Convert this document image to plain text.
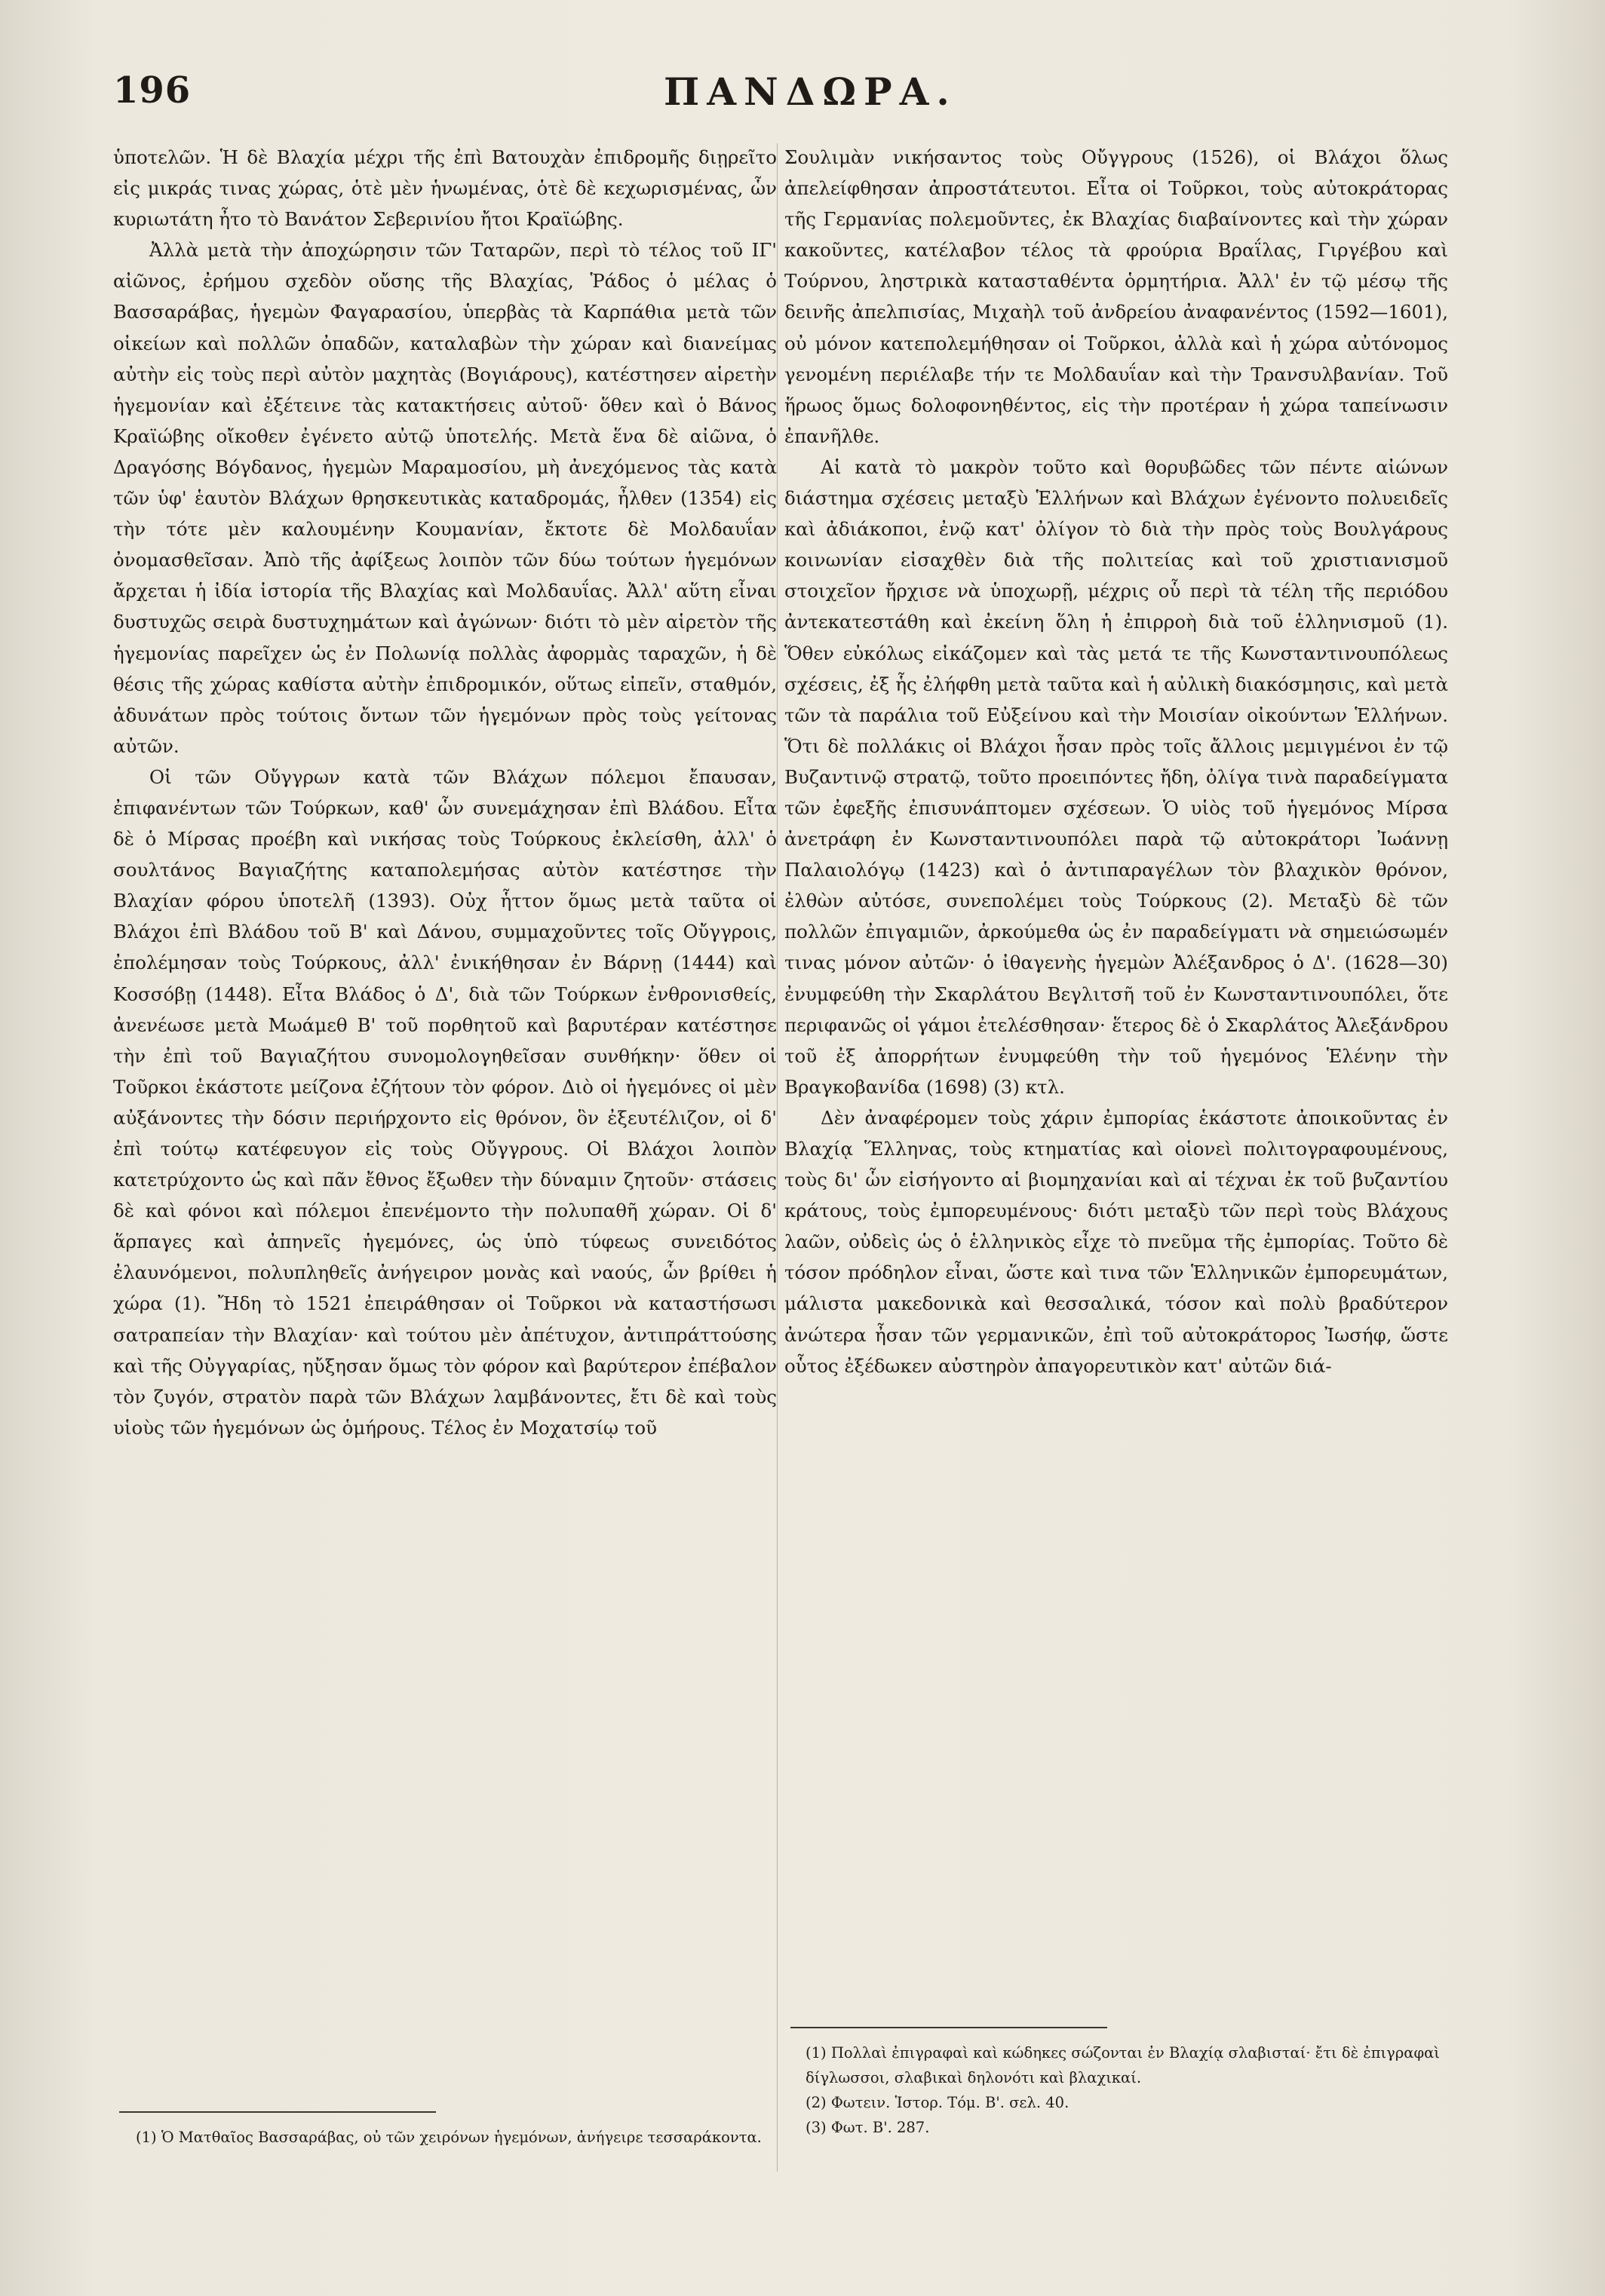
196	ΠΑΝΔΩΡΑ.

ὑποτελῶν. Ἡ δὲ Βλαχία μέχρι τῆς ἐπὶ Βατουχὰν ἐπιδρομῆς διῃρεῖτο εἰς μικράς τινας χώρας, ὁτὲ μὲν ἡνωμένας, ὁτὲ δὲ κεχωρισμένας, ὧν κυριωτάτη ἦτο τὸ Βανάτον Σεβερινίου ἤτοι Κραϊώβης.

Ἀλλὰ μετὰ τὴν ἀποχώρησιν τῶν Ταταρῶν, περὶ τὸ τέλος τοῦ ΙΓ' αἰῶνος, ἐρήμου σχεδὸν οὔσης τῆς Βλαχίας, Ῥάδος ὁ μέλας ὁ Βασσαράβας, ἡγεμὼν Φαγαρασίου, ὑπερβὰς τὰ Καρπάθια μετὰ τῶν οἰκείων καὶ πολλῶν ὀπαδῶν, καταλαβὼν τὴν χώραν καὶ διανείμας αὐτὴν εἰς τοὺς περὶ αὐτὸν μαχητὰς (Βογιάρους), κατέστησεν αἱρετὴν ἡγεμονίαν καὶ ἐξέτεινε τὰς κατακτήσεις αὐτοῦ· ὅθεν καὶ ὁ Βάνος Κραϊώβης οἴκοθεν ἐγένετο αὐτῷ ὑποτελής. Μετὰ ἕνα δὲ αἰῶνα, ὁ Δραγόσης Βόγδανος, ἡγεμὼν Μαραμοσίου, μὴ ἀνεχόμενος τὰς κατὰ τῶν ὑφ' ἑαυτὸν Βλάχων θρησκευτικὰς καταδρομάς, ἦλθεν (1354) εἰς τὴν τότε μὲν καλουμένην Κουμανίαν, ἔκτοτε δὲ Μολδαυΐαν ὀνομασθεῖσαν. Ἀπὸ τῆς ἀφίξεως λοιπὸν τῶν δύω τούτων ἡγεμόνων ἄρχεται ἡ ἰδία ἱστορία τῆς Βλαχίας καὶ Μολδαυΐας. Ἀλλ' αὕτη εἶναι δυστυχῶς σειρὰ δυστυχημάτων καὶ ἀγώνων· διότι τὸ μὲν αἱρετὸν τῆς ἡγεμονίας παρεῖχεν ὡς ἐν Πολωνίᾳ πολλὰς ἀφορμὰς ταραχῶν, ἡ δὲ θέσις τῆς χώρας καθίστα αὐτὴν ἐπιδρομικόν, οὕτως εἰπεῖν, σταθμόν, ἀδυνάτων πρὸς τούτοις ὄντων τῶν ἡγεμόνων πρὸς τοὺς γείτονας αὐτῶν.

Οἱ τῶν Οὔγγρων κατὰ τῶν Βλάχων πόλεμοι ἔπαυσαν, ἐπιφανέντων τῶν Τούρκων, καθ' ὧν συνεμάχησαν ἐπὶ Βλάδου. Εἶτα δὲ ὁ Μίρσας προέβη καὶ νικήσας τοὺς Τούρκους ἐκλείσθη, ἀλλ' ὁ σουλτάνος Βαγιαζήτης καταπολεμήσας αὐτὸν κατέστησε τὴν Βλαχίαν φόρου ὑποτελῆ (1393). Οὐχ ἧττον ὅμως μετὰ ταῦτα οἱ Βλάχοι ἐπὶ Βλάδου τοῦ Β' καὶ Δάνου, συμμαχοῦντες τοῖς Οὔγγροις, ἐπολέμησαν τοὺς Τούρκους, ἀλλ' ἐνικήθησαν ἐν Βάρνῃ (1444) καὶ Κοσσόβῃ (1448). Εἶτα Βλάδος ὁ Δ', διὰ τῶν Τούρκων ἐνθρονισθείς, ἀνενέωσε μετὰ Μωάμεθ Β' τοῦ πορθητοῦ καὶ βαρυτέραν κατέστησε τὴν ἐπὶ τοῦ Βαγιαζήτου συνομολογηθεῖσαν συνθήκην· ὅθεν οἱ Τοῦρκοι ἑκάστοτε μείζονα ἐζήτουν τὸν φόρον. Διὸ οἱ ἡγεμόνες οἱ μὲν αὐξάνοντες τὴν δόσιν περιήρχοντο εἰς θρόνον, ὃν ἐξευτέλιζον, οἱ δ' ἐπὶ τούτῳ κατέφευγον εἰς τοὺς Οὔγγρους. Οἱ Βλάχοι λοιπὸν κατετρύχοντο ὡς καὶ πᾶν ἔθνος ἔξωθεν τὴν δύναμιν ζητοῦν· στάσεις δὲ καὶ φόνοι καὶ πόλεμοι ἐπενέμοντο τὴν πολυπαθῆ χώραν. Οἱ δ' ἅρπαγες καὶ ἀπηνεῖς ἡγεμόνες, ὡς ὑπὸ τύφεως συνειδότος ἐλαυνόμενοι, πολυπληθεῖς ἀνήγειρον μονὰς καὶ ναούς, ὧν βρίθει ἡ χώρα (1). Ἤδη τὸ 1521 ἐπειράθησαν οἱ Τοῦρκοι νὰ καταστήσωσι σατραπείαν τὴν Βλαχίαν· καὶ τούτου μὲν ἀπέτυχον, ἀντιπράττούσης καὶ τῆς Οὐγγαρίας, ηὔξησαν ὅμως τὸν φόρον καὶ βαρύτερον ἐπέβαλον τὸν ζυγόν, στρατὸν παρὰ τῶν Βλάχων λαμβάνοντες, ἔτι δὲ καὶ τοὺς υἱοὺς τῶν ἡγεμόνων ὡς ὁμήρους. Τέλος ἐν Μοχατσίῳ τοῦ

Σουλιμὰν νικήσαντος τοὺς Οὔγγρους (1526), οἱ Βλάχοι ὅλως ἀπελείφθησαν ἀπροστάτευτοι. Εἶτα οἱ Τοῦρκοι, τοὺς αὐτοκράτορας τῆς Γερμανίας πολεμοῦντες, ἐκ Βλαχίας διαβαίνοντες καὶ τὴν χώραν κακοῦντες, κατέλαβον τέλος τὰ φρούρια Βραΐλας, Γιργέβου καὶ Τούρνου, ληστρικὰ κατασταθέντα ὁρμητήρια. Ἀλλ' ἐν τῷ μέσῳ τῆς δεινῆς ἀπελπισίας, Μιχαὴλ τοῦ ἀνδρείου ἀναφανέντος (1592—1601), οὐ μόνον κατεπολεμήθησαν οἱ Τοῦρκοι, ἀλλὰ καὶ ἡ χώρα αὐτόνομος γενομένη περιέλαβε τήν τε Μολδαυΐαν καὶ τὴν Τρανσυλβανίαν. Τοῦ ἥρωος ὅμως δολοφονηθέντος, εἰς τὴν προτέραν ἡ χώρα ταπείνωσιν ἐπανῆλθε.

Αἱ κατὰ τὸ μακρὸν τοῦτο καὶ θορυβῶδες τῶν πέντε αἰώνων διάστημα σχέσεις μεταξὺ Ἑλλήνων καὶ Βλάχων ἐγένοντο πολυειδεῖς καὶ ἀδιάκοποι, ἐνῷ κατ' ὀλίγον τὸ διὰ τὴν πρὸς τοὺς Βουλγάρους κοινωνίαν εἰσαχθὲν διὰ τῆς πολιτείας καὶ τοῦ χριστιανισμοῦ στοιχεῖον ἤρχισε νὰ ὑποχωρῇ, μέχρις οὗ περὶ τὰ τέλη τῆς περιόδου ἀντεκατεστάθη καὶ ἐκείνη ὅλη ἡ ἐπιρροὴ διὰ τοῦ ἑλληνισμοῦ (1). Ὅθεν εὐκόλως εἰκάζομεν καὶ τὰς μετά τε τῆς Κωνσταντινουπόλεως σχέσεις, ἐξ ἧς ἐλήφθη μετὰ ταῦτα καὶ ἡ αὐλικὴ διακόσμησις, καὶ μετὰ τῶν τὰ παράλια τοῦ Εὐξείνου καὶ τὴν Μοισίαν οἰκούντων Ἑλλήνων. Ὅτι δὲ πολλάκις οἱ Βλάχοι ἦσαν πρὸς τοῖς ἄλλοις μεμιγμένοι ἐν τῷ Βυζαντινῷ στρατῷ, τοῦτο προειπόντες ἤδη, ὀλίγα τινὰ παραδείγματα τῶν ἐφεξῆς ἐπισυνάπτομεν σχέσεων. Ὁ υἱὸς τοῦ ἡγεμόνος Μίρσα ἀνετράφη ἐν Κωνσταντινουπόλει παρὰ τῷ αὐτοκράτορι Ἰωάννῃ Παλαιολόγῳ (1423) καὶ ὁ ἀντιπαραγέλων τὸν βλαχικὸν θρόνον, ἐλθὼν αὐτόσε, συνεπολέμει τοὺς Τούρκους (2). Μεταξὺ δὲ τῶν πολλῶν ἐπιγαμιῶν, ἀρκούμεθα ὡς ἐν παραδείγματι νὰ σημειώσωμέν τινας μόνον αὐτῶν· ὁ ἰθαγενὴς ἡγεμὼν Ἀλέξανδρος ὁ Δ'. (1628—30) ἐνυμφεύθη τὴν Σκαρλάτου Βεγλιτσῆ τοῦ ἐν Κωνσταντινουπόλει, ὅτε περιφανῶς οἱ γάμοι ἐτελέσθησαν· ἕτερος δὲ ὁ Σκαρλάτος Ἀλεξάνδρου τοῦ ἐξ ἀπορρήτων ἐνυμφεύθη τὴν τοῦ ἡγεμόνος Ἑλένην τὴν Βραγκοβανίδα (1698) (3) κτλ.

Δὲν ἀναφέρομεν τοὺς χάριν ἐμπορίας ἑκάστοτε ἀποικοῦντας ἐν Βλαχίᾳ Ἕλληνας, τοὺς κτηματίας καὶ οἱονεὶ πολιτογραφουμένους, τοὺς δι' ὧν εἰσήγοντο αἱ βιομηχανίαι καὶ αἱ τέχναι ἐκ τοῦ βυζαντίου κράτους, τοὺς ἐμπορευμένους· διότι μεταξὺ τῶν περὶ τοὺς Βλάχους λαῶν, οὐδεὶς ὡς ὁ ἑλληνικὸς εἶχε τὸ πνεῦμα τῆς ἐμπορίας. Τοῦτο δὲ τόσον πρόδηλον εἶναι, ὥστε καὶ τινα τῶν Ἑλληνικῶν ἐμπορευμάτων, μάλιστα μακεδονικὰ καὶ θεσσαλικά, τόσον καὶ πολὺ βραδύτερον ἀνώτερα ἦσαν τῶν γερμανικῶν, ἐπὶ τοῦ αὐτοκράτορος Ἰωσήφ, ὥστε οὗτος ἐξέδωκεν αὐστηρὸν ἀπαγορευτικὸν κατ' αὐτῶν διά-

(1) Ὁ Ματθαῖος Βασσαράβας, οὐ τῶν χειρόνων ἡγεμόνων, ἀνήγειρε τεσσαράκοντα.

(1) Πολλαὶ ἐπιγραφαὶ καὶ κώδηκες σώζονται ἐν Βλαχίᾳ σλαβισταί· ἔτι δὲ ἐπιγραφαὶ δίγλωσσοι, σλαβικαὶ δηλονότι καὶ βλαχικαί.

(2) Φωτειν. Ἱστορ. Τόμ. Β'. σελ. 40.

(3) Φωτ. Β'. 287.
